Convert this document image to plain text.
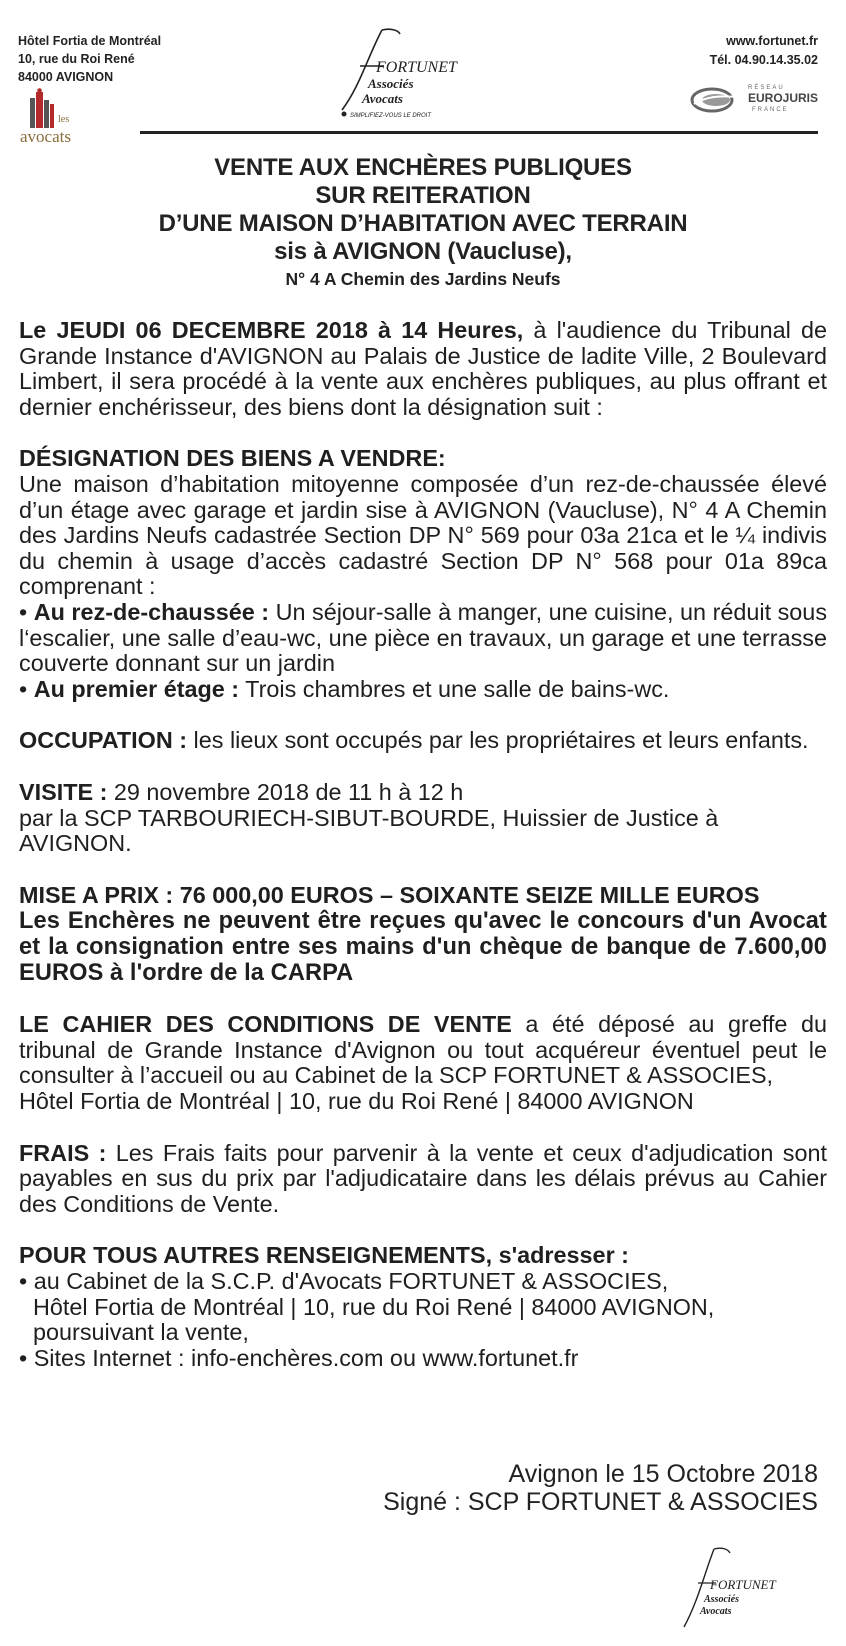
Hôtel Fortia de Montréal
10, rue du Roi René
84000 AVIGNON
les
avocats
FORTUNET
Associés
Avocats
SIMPLIFIEZ-VOUS LE DROIT
www.fortunet.fr
Tél. 04.90.14.35.02
RÉSEAU
EUROJURIS
FRANCE
VENTE AUX ENCHÈRES PUBLIQUES
SUR REITERATION
D’UNE MAISON D’HABITATION AVEC TERRAIN
sis à AVIGNON (Vaucluse),
N° 4 A Chemin des Jardins Neufs

Le JEUDI 06 DECEMBRE 2018 à 14 Heures, à l'audience du Tribunal de Grande Instance d'AVIGNON au Palais de Justice de ladite Ville, 2 Boulevard Limbert, il sera procédé à la vente aux enchères publiques, au plus offrant et dernier enchérisseur, des biens dont la désignation suit :

DÉSIGNATION DES BIENS A VENDRE:

Une maison d’habitation mitoyenne composée d’un rez-de-chaussée élevé d’un étage avec garage et jardin sise à AVIGNON (Vaucluse), N° 4 A Chemin des Jardins Neufs cadastrée Section DP N° 569 pour 03a 21ca et le ¼ indivis du chemin à usage d’accès cadastré Section DP N° 568 pour 01a 89ca comprenant :

• Au rez-de-chaussée : Un séjour-salle à manger, une cuisine, un réduit sous l‘escalier, une salle d’eau-wc, une pièce en travaux, un garage et une terrasse couverte donnant sur un jardin

• Au premier étage : Trois chambres et une salle de bains-wc.

OCCUPATION : les lieux sont occupés par les propriétaires et leurs enfants.

VISITE : 29 novembre 2018 de 11 h à 12 h

par la SCP TARBOURIECH-SIBUT-BOURDE, Huissier de Justice à AVIGNON.

MISE A PRIX : 76 000,00 EUROS – SOIXANTE SEIZE MILLE EUROS

Les Enchères ne peuvent être reçues qu'avec le concours d'un Avocat et la consignation entre ses mains d'un chèque de banque de 7.600,00 EUROS à l'ordre de la CARPA

LE CAHIER DES CONDITIONS DE VENTE a été déposé au greffe du tribunal de Grande Instance d'Avignon ou tout acquéreur éventuel peut le consulter à l’accueil ou au Cabinet de la SCP FORTUNET & ASSOCIES,

Hôtel Fortia de Montréal | 10, rue du Roi René | 84000 AVIGNON

FRAIS : Les Frais faits pour parvenir à la vente et ceux d'adjudication sont payables en sus du prix par l'adjudicataire dans les délais prévus au Cahier des Conditions de Vente.

POUR TOUS AUTRES RENSEIGNEMENTS, s'adresser :

• au Cabinet de la S.C.P. d'Avocats FORTUNET & ASSOCIES,

Hôtel Fortia de Montréal | 10, rue du Roi René | 84000 AVIGNON, poursuivant la vente,

• Sites Internet : info-enchères.com ou www.fortunet.fr

Avignon le 15 Octobre 2018
Signé : SCP FORTUNET & ASSOCIES
FORTUNET
Associés
Avocats
